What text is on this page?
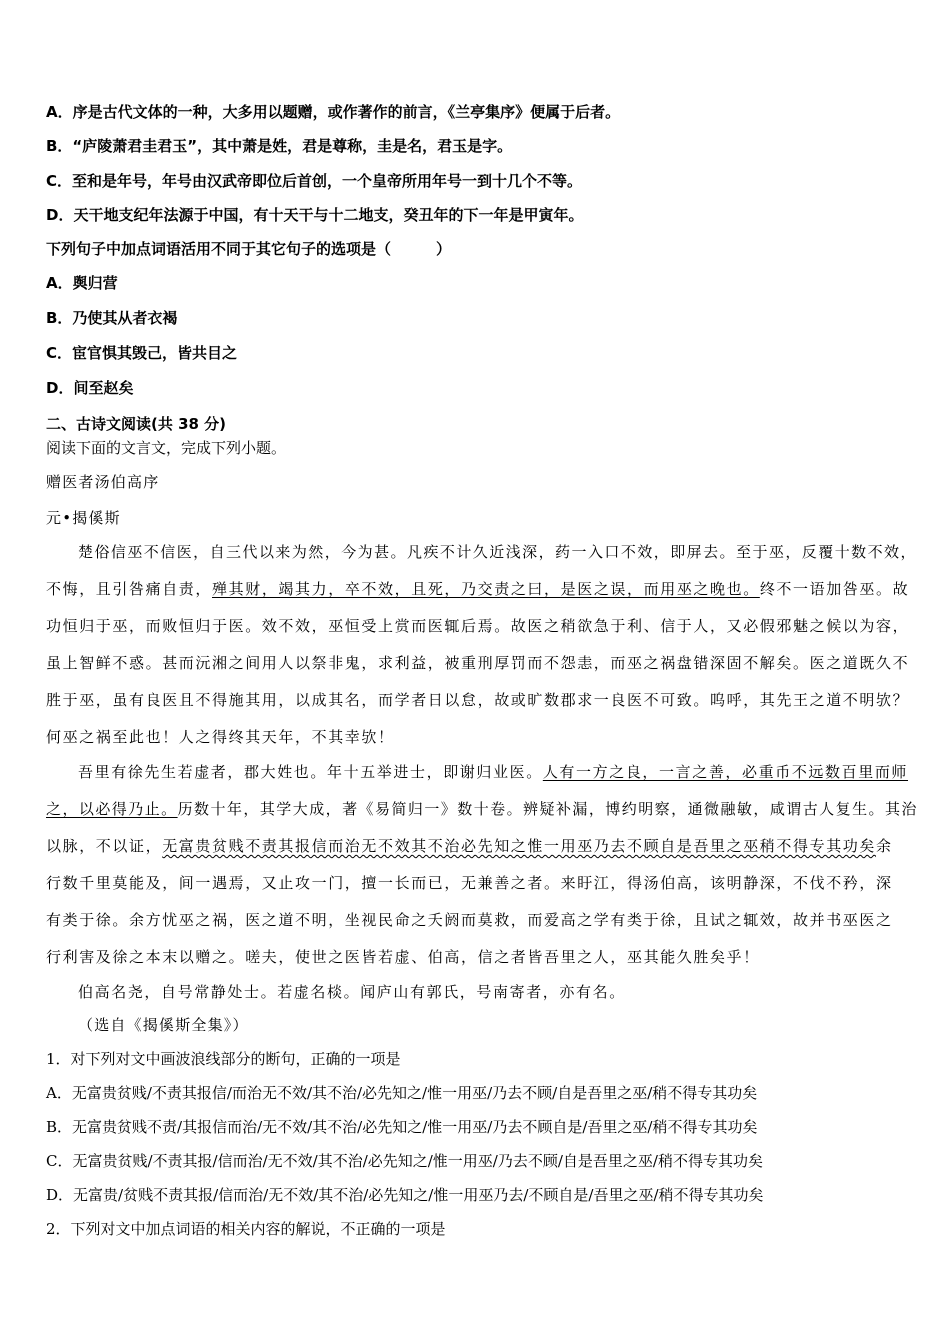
A．序是古代文体的一种，大多用以题赠，或作著作的前言，《兰亭集序》便属于后者。
B．“庐陵萧君圭君玉”，其中萧是姓，君是尊称，圭是名，君玉是字。
C．至和是年号，年号由汉武帝即位后首创，一个皇帝所用年号一到十几个不等。
D．天干地支纪年法源于中国，有十天干与十二地支，癸丑年的下一年是甲寅年。
下列句子中加点词语活用不同于其它句子的选项是（　　　）
A．舆归营
B．乃使其从者衣褐
C．宦官惧其毁己，皆共目之
D．间至赵矣
二、古诗文阅读(共 38 分)
阅读下面的文言文，完成下列小题。
赠医者汤伯高序
元•揭傒斯
楚俗信巫不信医，自三代以来为然，今为甚。凡疾不计久近浅深，药一入口不效，即屏去。至于巫，反覆十数不效，
不悔，且引咎痛自责，殚其财，竭其力，卒不效，且死，乃交责之曰，是医之误，而用巫之晚也。终不一语加咎巫。故
功恒归于巫，而败恒归于医。效不效，巫恒受上赏而医辄后焉。故医之稍欲急于利、信于人，又必假邪魅之候以为容，
虽上智鲜不惑。甚而沅湘之间用人以祭非鬼，求利益，被重刑厚罚而不怨恚，而巫之祸盘错深固不解矣。医之道既久不
胜于巫，虽有良医且不得施其用，以成其名，而学者日以怠，故或旷数郡求一良医不可致。呜呼，其先王之道不明欤？
何巫之祸至此也！人之得终其天年，不其幸欤！
吾里有徐先生若虚者，郡大姓也。年十五举进士，即谢归业医。人有一方之良，一言之善，必重币不远数百里而师
之，以必得乃止。历数十年，其学大成，著《易简归一》数十卷。辨疑补漏，博约明察，通微融敏，咸谓古人复生。其治
以脉，不以证，无富贵贫贱不责其报信而治无不效其不治必先知之惟一用巫乃去不顾自是吾里之巫稍不得专其功矣余
行数千里莫能及，间一遇焉，又止攻一门，擅一长而已，无兼善之者。来盱江，得汤伯高，该明静深，不伐不矜，深
有类于徐。余方忧巫之祸，医之道不明，坐视民命之夭阏而莫救，而爱高之学有类于徐，且试之辄效，故并书巫医之
行利害及徐之本末以赠之。嗟夫，使世之医皆若虚、伯高，信之者皆吾里之人，巫其能久胜矣乎！
伯高名尧，自号常静处士。若虚名棪。闻庐山有郭氏，号南寄者，亦有名。
（选自《揭傒斯全集》）
1．对下列对文中画波浪线部分的断句，正确的一项是
A．无富贵贫贱/不责其报信/而治无不效/其不治/必先知之/惟一用巫/乃去不顾/自是吾里之巫/稍不得专其功矣
B．无富贵贫贱不责/其报信而治/无不效/其不治/必先知之/惟一用巫/乃去不顾自是/吾里之巫/稍不得专其功矣
C．无富贵贫贱/不责其报/信而治/无不效/其不治/必先知之/惟一用巫/乃去不顾/自是吾里之巫/稍不得专其功矣
D．无富贵/贫贱不责其报/信而治/无不效/其不治/必先知之/惟一用巫乃去/不顾自是/吾里之巫/稍不得专其功矣
2．下列对文中加点词语的相关内容的解说，不正确的一项是
